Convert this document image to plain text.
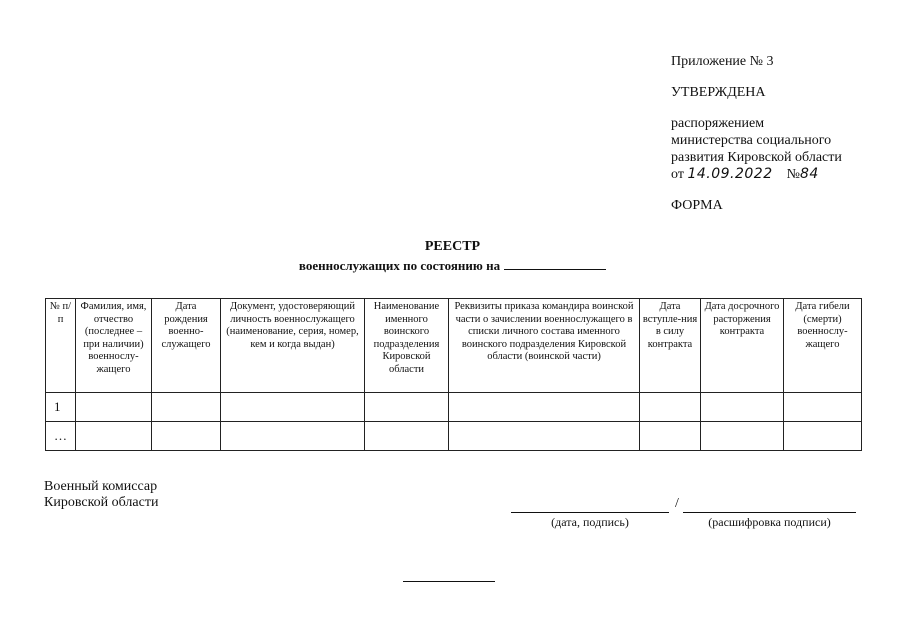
Приложение № 3
УТВЕРЖДЕНА
распоряжением
министерства социального
развития Кировской области
от 14.09.2022 №84
ФОРМА
РЕЕСТР
военнослужащих по состоянию на
№ п/п	Фамилия, имя, отчество (последнее – при наличии) военнослу-жащего	Дата рождения военно-служащего	Документ, удостоверяющий личность военнослужащего (наименование, серия, номер, кем и когда выдан)	Наименование именного воинского подразделения Кировской области	Реквизиты приказа командира воинской части о зачислении военнослужащего в списки личного состава именного воинского подразделения Кировской области (воинской части)	Дата вступле-ния в силу контракта	Дата досрочного расторжения контракта	Дата гибели (смерти) военнослу-жащего
1								
…								
Военный комиссар
Кировской области	/
(дата, подпись)	(расшифровка подписи)
